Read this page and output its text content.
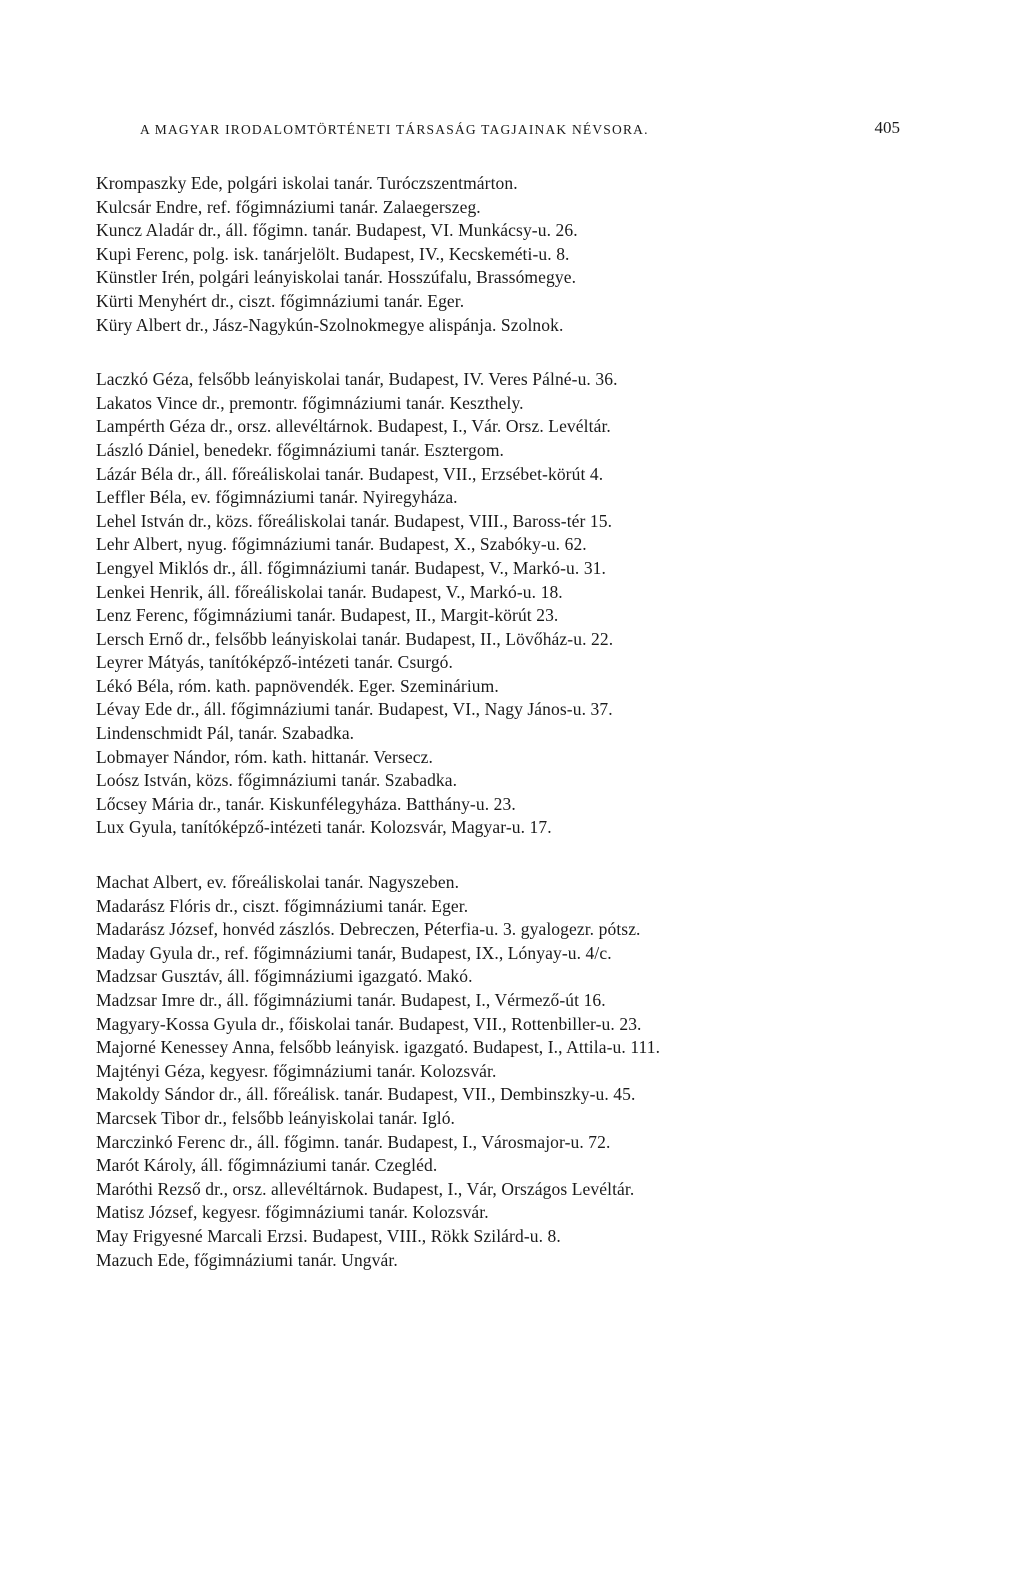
A MAGYAR IRODALOMTÖRTÉNETI TÁRSASÁG TAGJAINAK NÉVSORA.	405
Krompaszky Ede, polgári iskolai tanár. Turóczszentmárton.
Kulcsár Endre, ref. főgimnáziumi tanár. Zalaegerszeg.
Kuncz Aladár dr., áll. főgimn. tanár. Budapest, VI. Munkácsy-u. 26.
Kupi Ferenc, polg. isk. tanárjelölt. Budapest, IV., Kecskeméti-u. 8.
Künstler Irén, polgári leányiskolai tanár. Hosszúfalu, Brassómegye.
Kürti Menyhért dr., ciszt. főgimnáziumi tanár. Eger.
Küry Albert dr., Jász-Nagykún-Szolnokmegye alispánja. Szolnok.
Laczkó Géza, felsőbb leányiskolai tanár, Budapest, IV. Veres Pálné-u. 36.
Lakatos Vince dr., premontr. főgimnáziumi tanár. Keszthely.
Lampérth Géza dr., orsz. allevéltárnok. Budapest, I., Vár. Orsz. Levéltár.
László Dániel, benedekr. főgimnáziumi tanár. Esztergom.
Lázár Béla dr., áll. főreáliskolai tanár. Budapest, VII., Erzsébet-körút 4.
Leffler Béla, ev. főgimnáziumi tanár. Nyiregyháza.
Lehel István dr., közs. főreáliskolai tanár. Budapest, VIII., Baross-tér 15.
Lehr Albert, nyug. főgimnáziumi tanár. Budapest, X., Szabóky-u. 62.
Lengyel Miklós dr., áll. főgimnáziumi tanár. Budapest, V., Markó-u. 31.
Lenkei Henrik, áll. főreáliskolai tanár. Budapest, V., Markó-u. 18.
Lenz Ferenc, főgimnáziumi tanár. Budapest, II., Margit-körút 23.
Lersch Ernő dr., felsőbb leányiskolai tanár. Budapest, II., Lövőház-u. 22.
Leyrer Mátyás, tanítóképző-intézeti tanár. Csurgó.
Lékó Béla, róm. kath. papnövendék. Eger. Szeminárium.
Lévay Ede dr., áll. főgimnáziumi tanár. Budapest, VI., Nagy János-u. 37.
Lindenschmidt Pál, tanár. Szabadka.
Lobmayer Nándor, róm. kath. hittanár. Versecz.
Loósz István, közs. főgimnáziumi tanár. Szabadka.
Lőcsey Mária dr., tanár. Kiskunfélegyháza. Batthány-u. 23.
Lux Gyula, tanítóképző-intézeti tanár. Kolozsvár, Magyar-u. 17.
Machat Albert, ev. főreáliskolai tanár. Nagyszeben.
Madarász Flóris dr., ciszt. főgimnáziumi tanár. Eger.
Madarász József, honvéd zászlós. Debreczen, Péterfia-u. 3. gyalogezr. pótsz.
Maday Gyula dr., ref. főgimnáziumi tanár, Budapest, IX., Lónyay-u. 4/c.
Madzsar Gusztáv, áll. főgimnáziumi igazgató. Makó.
Madzsar Imre dr., áll. főgimnáziumi tanár. Budapest, I., Vérmező-út 16.
Magyary-Kossa Gyula dr., főiskolai tanár. Budapest, VII., Rottenbiller-u. 23.
Majorné Kenessey Anna, felsőbb leányisk. igazgató. Budapest, I., Attila-u. 111.
Majtényi Géza, kegyesr. főgimnáziumi tanár. Kolozsvár.
Makoldy Sándor dr., áll. főreálisk. tanár. Budapest, VII., Dembinszky-u. 45.
Marcsek Tibor dr., felsőbb leányiskolai tanár. Igló.
Marczinkó Ferenc dr., áll. főgimn. tanár. Budapest, I., Városmajor-u. 72.
Marót Károly, áll. főgimnáziumi tanár. Czegléd.
Maróthi Rezső dr., orsz. allevéltárnok. Budapest, I., Vár, Országos Levéltár.
Matisz József, kegyesr. főgimnáziumi tanár. Kolozsvár.
May Frigyesné Marcali Erzsi. Budapest, VIII., Rökk Szilárd-u. 8.
Mazuch Ede, főgimnáziumi tanár. Ungvár.
